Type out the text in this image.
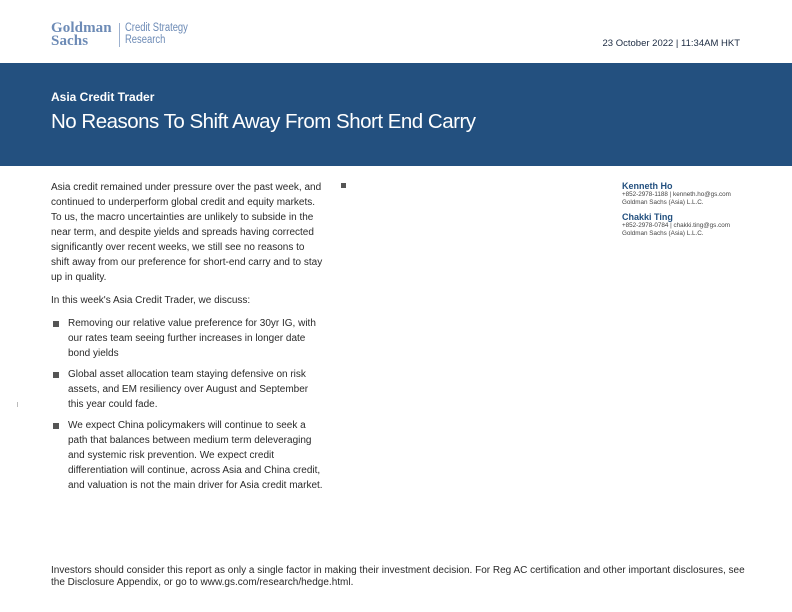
Goldman
Sachs
Credit Strategy
Research	23 October 2022 | 11:34AM HKT
Asia Credit Trader
No Reasons To Shift Away From Short End Carry

Asia credit remained under pressure over the past week, and continued to underperform global credit and equity markets. To us, the macro uncertainties are unlikely to subside in the near term, and despite yields and spreads having corrected significantly over recent weeks, we still see no reasons to shift away from our preference for short-end carry and to stay up in quality.

In this week's Asia Credit Trader, we discuss:

Removing our relative value preference for 30yr IG, with our rates team seeing further increases in longer date bond yields
Global asset allocation team staying defensive on risk assets, and EM resiliency over August and September this year could fade.
We expect China policymakers will continue to seek a path that balances between medium term deleveraging and systemic risk prevention. We expect credit differentiation will continue, across Asia and China credit, and valuation is not the main driver for Asia credit market.
Kenneth Ho
+852-2978-1188 | kenneth.ho@gs.com
Goldman Sachs (Asia) L.L.C.
Chakki Ting
+852-2978-0784 | chakki.ting@gs.com
Goldman Sachs (Asia) L.L.C.
Investors should consider this report as only a single factor in making their investment decision. For Reg AC certification and other important disclosures, see the Disclosure Appendix, or go to www.gs.com/research/hedge.html.
